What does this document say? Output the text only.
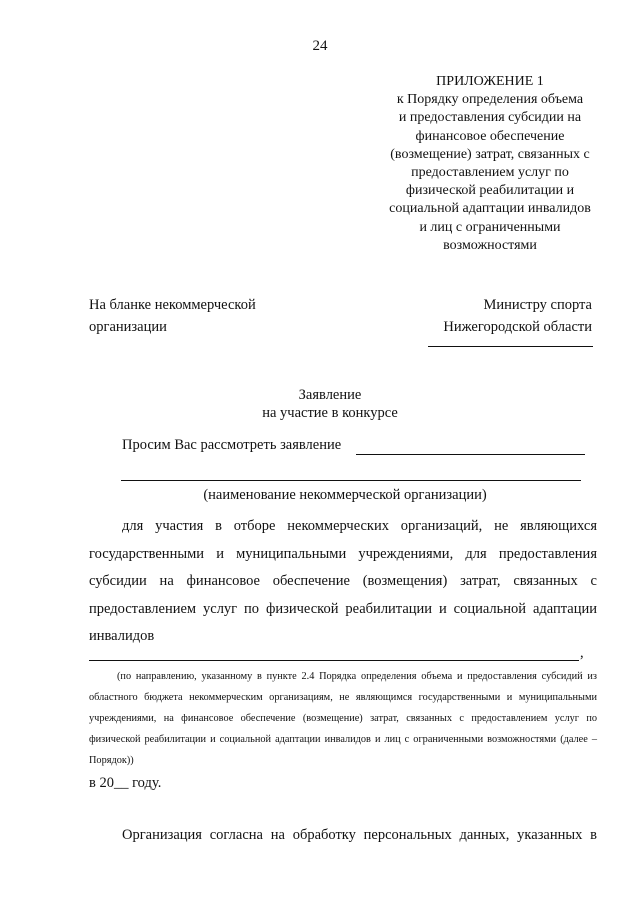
24
ПРИЛОЖЕНИЕ 1
к Порядку определения объема
и предоставления субсидии на
финансовое обеспечение
(возмещение) затрат, связанных с
предоставлением услуг по
физической реабилитации и
социальной адаптации инвалидов
и лиц с ограниченными
возможностями
На бланке некоммерческой
организации
Министру спорта
Нижегородской области
Заявление
на участие в конкурсе
Просим Вас рассмотреть заявление
(наименование некоммерческой организации)

для участия в отборе некоммерческих организаций, не являющихся государственными и муниципальными учреждениями, для предоставления субсидии на финансовое обеспечение (возмещения) затрат, связанных с предоставлением услуг по физической реабилитации и социальной адаптации инвалидов

,

(по направлению, указанному в пункте 2.4 Порядка определения объема и предоставления субсидий из областного бюджета некоммерческим организациям, не являющимся государственными и муниципальными учреждениями, на финансовое обеспечение (возмещение) затрат, связанных с предоставлением услуг по физической реабилитации и социальной адаптации инвалидов и лиц с ограниченными возможностями (далее – Порядок))

в 20__ году.

Организация согласна на обработку персональных данных, указанных в
